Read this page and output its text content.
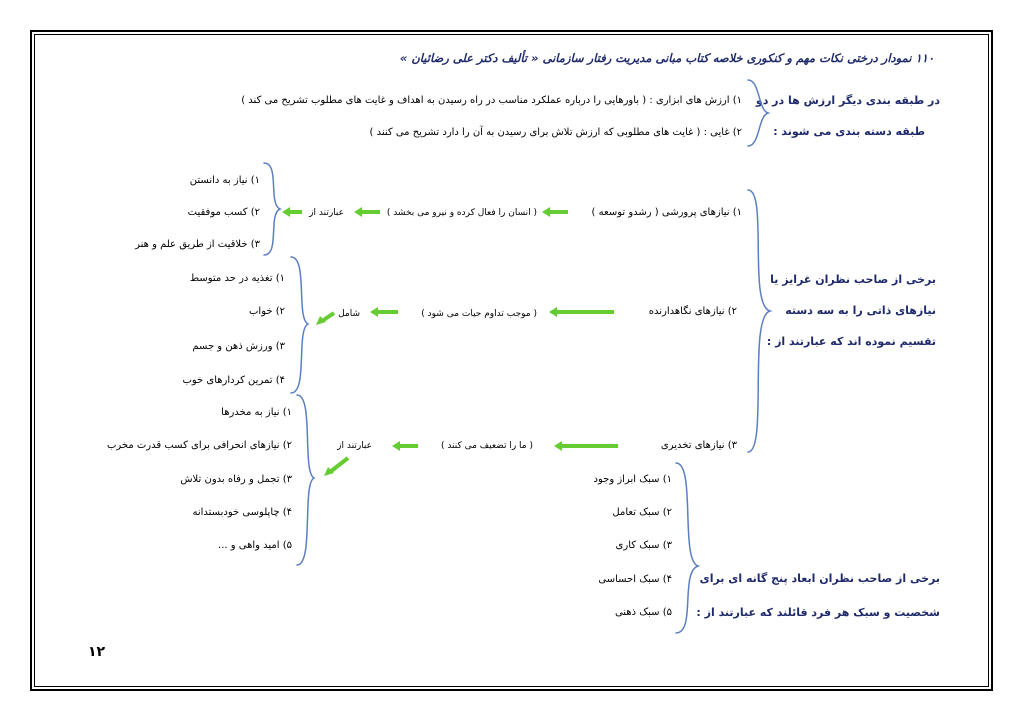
۱۱۰ نمودار درختی نکات مهم و کنکوری خلاصه کتاب مبانی مدیریت رفتار سازمانی « تألیف دکتر علی رضائیان »
در طبقه بندی دیگر ارزش ها در دو
طبقه دسته بندی می شوند :
۱) ارزش های ابزاری : ( باورهایی را درباره عملکرد مناسب در راه رسیدن به اهداف و غایت های مطلوب تشریح می کند )
۲) غایی : ( غایت های مطلوبی که ارزش تلاش برای رسیدن به آن را دارد تشریح می کنند )
برخی از صاحب نظران غرایز یا
نیازهای ذاتی را به سه دسته
تقسیم نموده اند که عبارتند از :
۱) نیازهای پرورشی ( رشدو توسعه )
( انسان را فعال کرده و نیرو می بخشد )
عبارتند از
۱) نیاز به دانستن
۲) کسب موفقیت
۳) خلاقیت از طریق علم و هنر
۲) نیازهای نگاهدارنده
( موجب تداوم حیات می شود )
شامل
۱) تغذیه در حد متوسط
۲) خواب
۳) ورزش ذهن و جسم
۴) تمرین کردارهای خوب
۳) نیازهای تخدیری
( ما را تضعیف می کنند )
عبارتند از
۱) نیاز به مخدرها
۲) نیازهای انحرافی برای کسب قدرت مخرب
۳) تجمل و رفاه بدون تلاش
۴) چاپلوسی خودبستدانه
۵) امید واهی و ...
۱) سبک ابراز وجود
۲) سبک تعامل
۳) سبک کاری
۴) سبک احساسی
۵) سبک ذهنی
برخی از صاحب نظران ابعاد پنج گانه ای برای
شخصیت و سبک هر فرد قائلند که عبارتند از :
۱۲
